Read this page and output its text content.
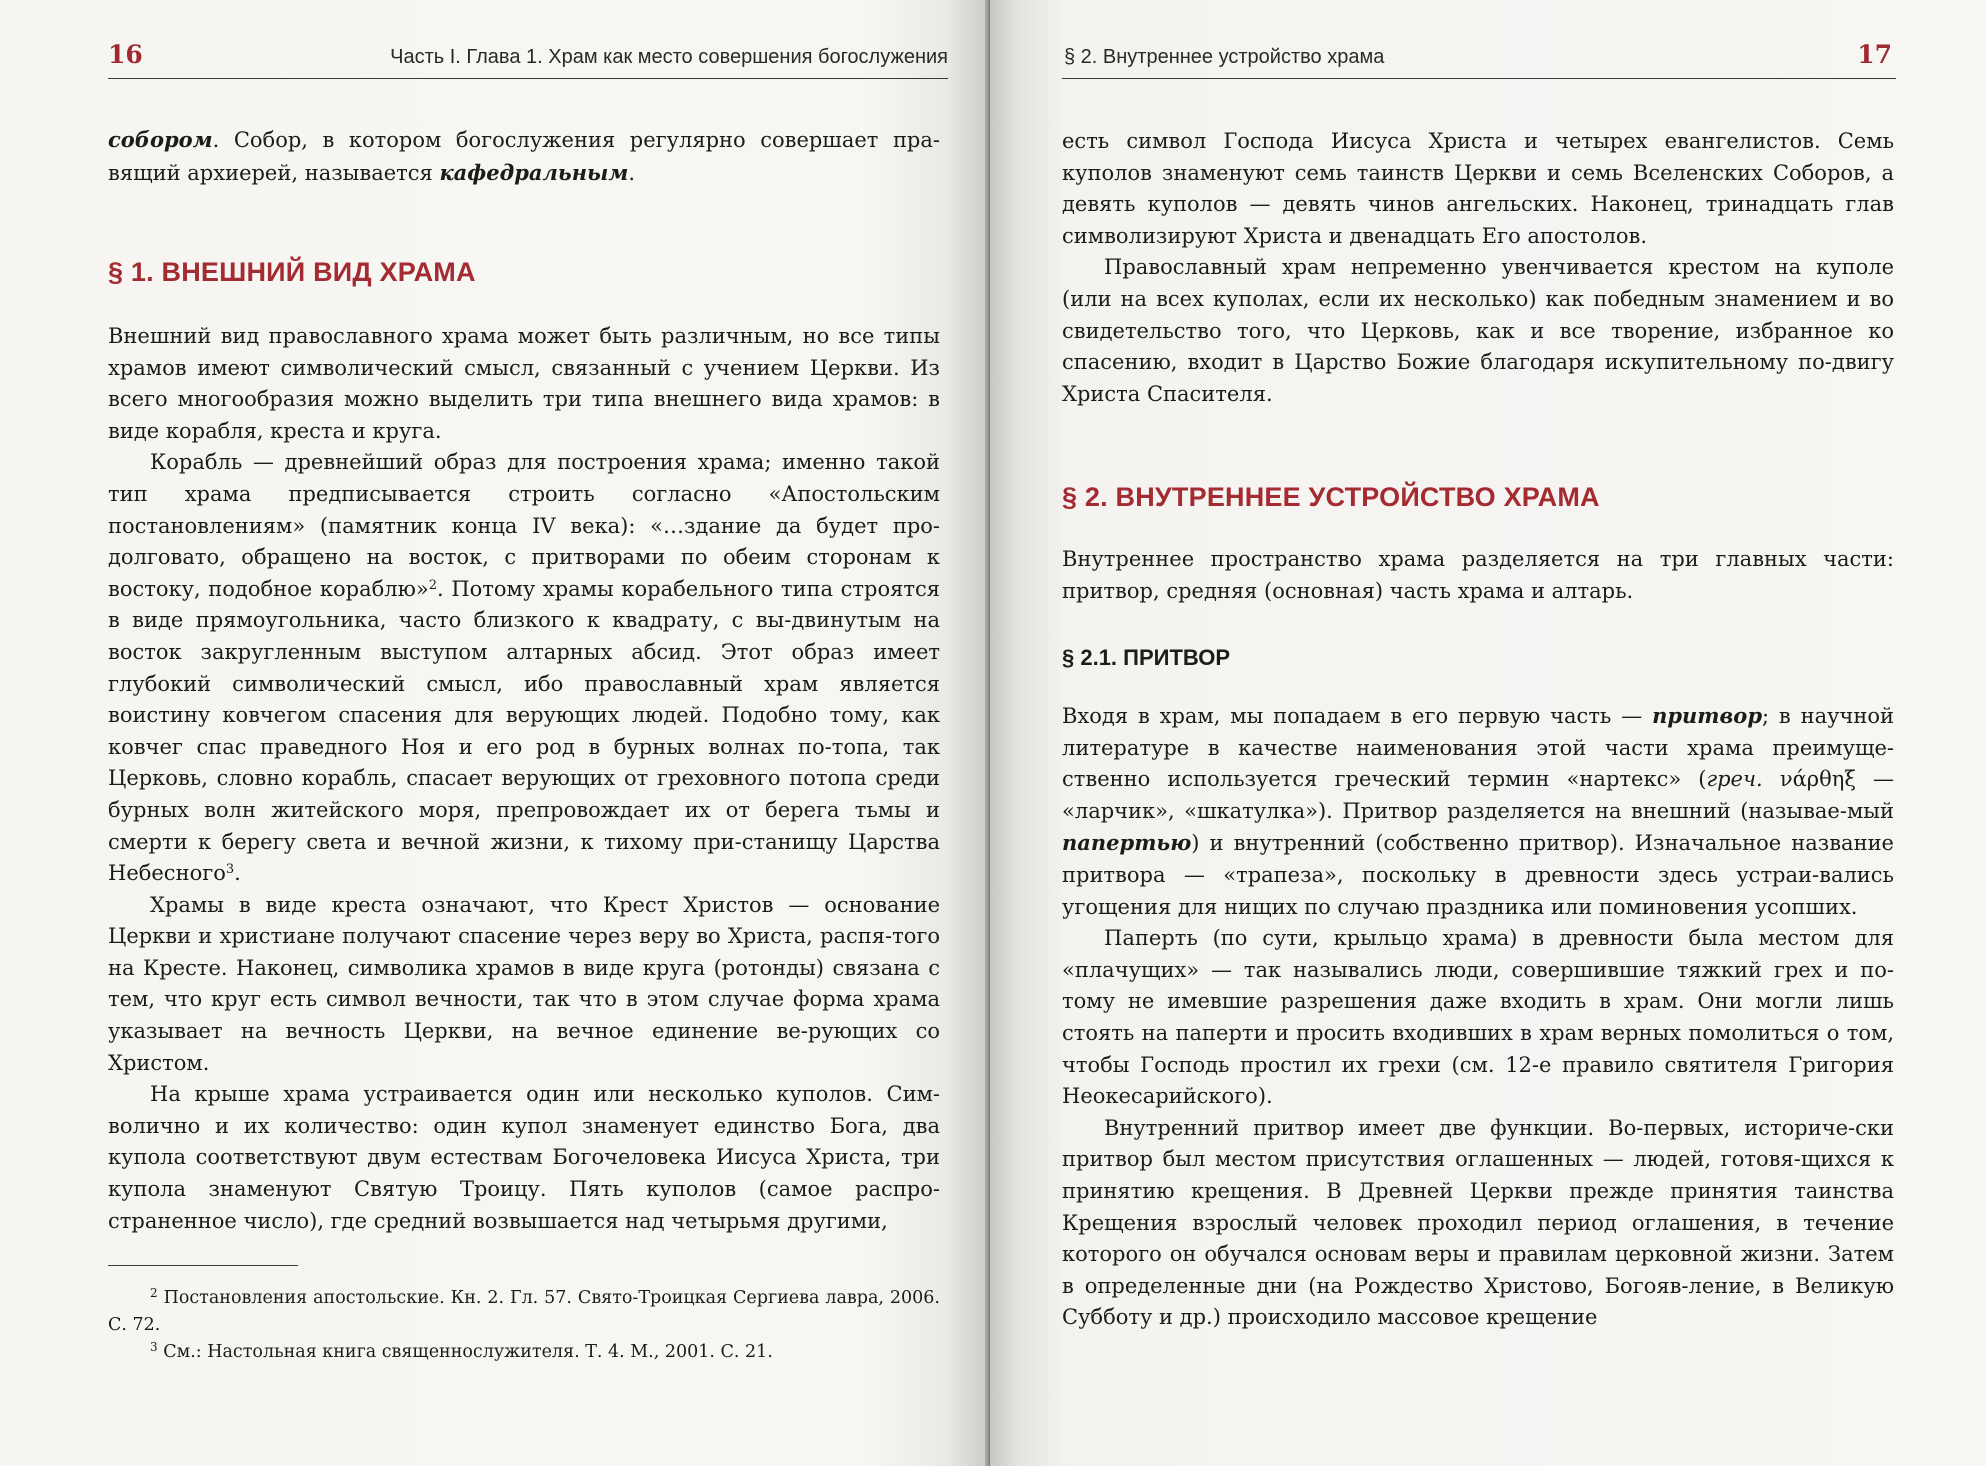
16	Часть I. Глава 1. Храм как место совершения богослужения

собором. Собор, в котором богослужения регулярно совершает пра-вящий архиерей, называется кафедральным.

§ 1. ВНЕШНИЙ ВИД ХРАМА

Внешний вид православного храма может быть различным, но все типы храмов имеют символический смысл, связанный с учением Церкви. Из всего многообразия можно выделить три типа внешнего вида храмов: в виде корабля, креста и круга.

Корабль — древнейший образ для построения храма; именно такой тип храма предписывается строить согласно «Апостольским постановлениям» (памятник конца IV века): «…здание да будет про-долговато, обращено на восток, с притворами по обеим сторонам к востоку, подобное кораблю»$^2$. Потому храмы корабельного типа строятся в виде прямоугольника, часто близкого к квадрату, с вы-двинутым на восток закругленным выступом алтарных абсид. Этот образ имеет глубокий символический смысл, ибо православный храм является воистину ковчегом спасения для верующих людей. Подобно тому, как ковчег спас праведного Ноя и его род в бурных волнах по-топа, так Церковь, словно корабль, спасает верующих от греховного потопа среди бурных волн житейского моря, препровождает их от берега тьмы и смерти к берегу света и вечной жизни, к тихому при-станищу Царства Небесного$^3$.

Храмы в виде креста означают, что Крест Христов — основание Церкви и христиане получают спасение через веру во Христа, распя-того на Кресте. Наконец, символика храмов в виде круга (ротонды) связана с тем, что круг есть символ вечности, так что в этом случае форма храма указывает на вечность Церкви, на вечное единение ве-рующих со Христом.

На крыше храма устраивается один или несколько куполов. Сим-волично и их количество: один купол знаменует единство Бога, два купола соответствуют двум естествам Богочеловека Иисуса Христа, три купола знаменуют Святую Троицу. Пять куполов (самое распро-страненное число), где средний возвышается над четырьмя другими,

$^2$ Постановления апостольские. Кн. 2. Гл. 57. Свято-Троицкая Сергиева лавра, 2006. С. 72.
$^3$ См.: Настольная книга священнослужителя. Т. 4. М., 2001. С. 21.
§ 2. Внутреннее устройство храма	17

есть символ Господа Иисуса Христа и четырех евангелистов. Семь куполов знаменуют семь таинств Церкви и семь Вселенских Соборов, а девять куполов — девять чинов ангельских. Наконец, тринадцать глав символизируют Христа и двенадцать Его апостолов.

Православный храм непременно увенчивается крестом на куполе (или на всех куполах, если их несколько) как победным знамением и во свидетельство того, что Церковь, как и все творение, избранное ко спасению, входит в Царство Божие благодаря искупительному по-двигу Христа Спасителя.

§ 2. ВНУТРЕННЕЕ УСТРОЙСТВО ХРАМА

Внутреннее пространство храма разделяется на три главных части: притвор, средняя (основная) часть храма и алтарь.

§ 2.1. ПРИТВОР

Входя в храм, мы попадаем в его первую часть — притвор; в научной литературе в качестве наименования этой части храма преимуще-ственно используется греческий термин «нартекс» (греч. νάρθηξ — «ларчик», «шкатулка»). Притвор разделяется на внешний (называе-мый папертью) и внутренний (собственно притвор). Изначальное название притвора — «трапеза», поскольку в древности здесь устраи-вались угощения для нищих по случаю праздника или поминовения усопших.

Паперть (по сути, крыльцо храма) в древности была местом для «плачущих» — так назывались люди, совершившие тяжкий грех и по-тому не имевшие разрешения даже входить в храм. Они могли лишь стоять на паперти и просить входивших в храм верных помолиться о том, чтобы Господь простил их грехи (см. 12-е правило святителя Григория Неокесарийского).

Внутренний притвор имеет две функции. Во-первых, историче-ски притвор был местом присутствия оглашенных — людей, готовя-щихся к принятию крещения. В Древней Церкви прежде принятия таинства Крещения взрослый человек проходил период оглашения, в течение которого он обучался основам веры и правилам церковной жизни. Затем в определенные дни (на Рождество Христово, Богояв-ление, в Великую Субботу и др.) происходило массовое крещение
